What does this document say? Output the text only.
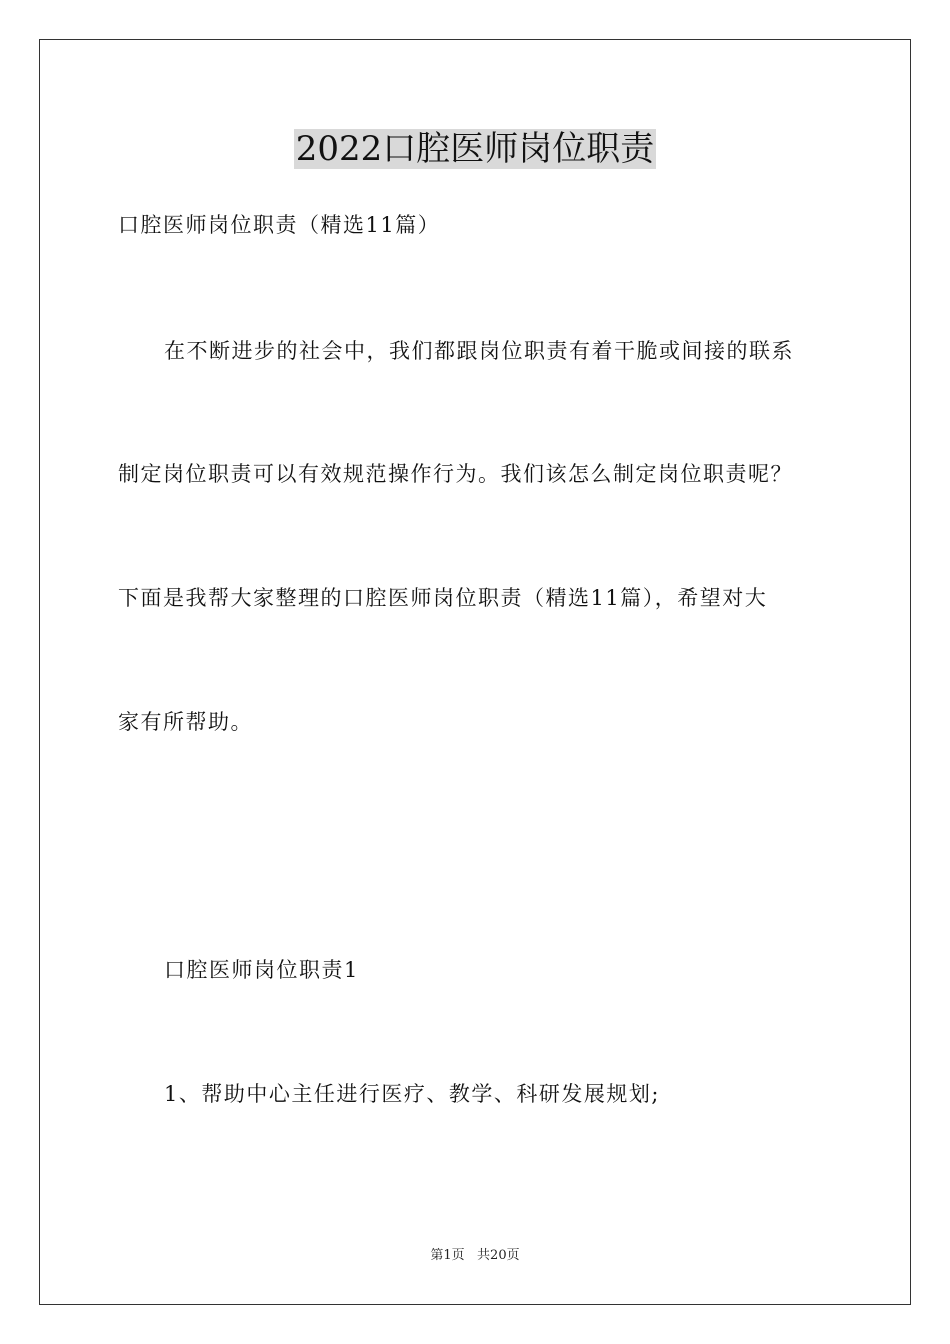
2022口腔医师岗位职责
口腔医师岗位职责（精选11篇）
在不断进步的社会中，我们都跟岗位职责有着干脆或间接的联系
制定岗位职责可以有效规范操作行为。我们该怎么制定岗位职责呢？
下面是我帮大家整理的口腔医师岗位职责（精选11篇），希望对大
家有所帮助。
口腔医师岗位职责1
1、帮助中心主任进行医疗、教学、科研发展规划;
第1页   共20页
